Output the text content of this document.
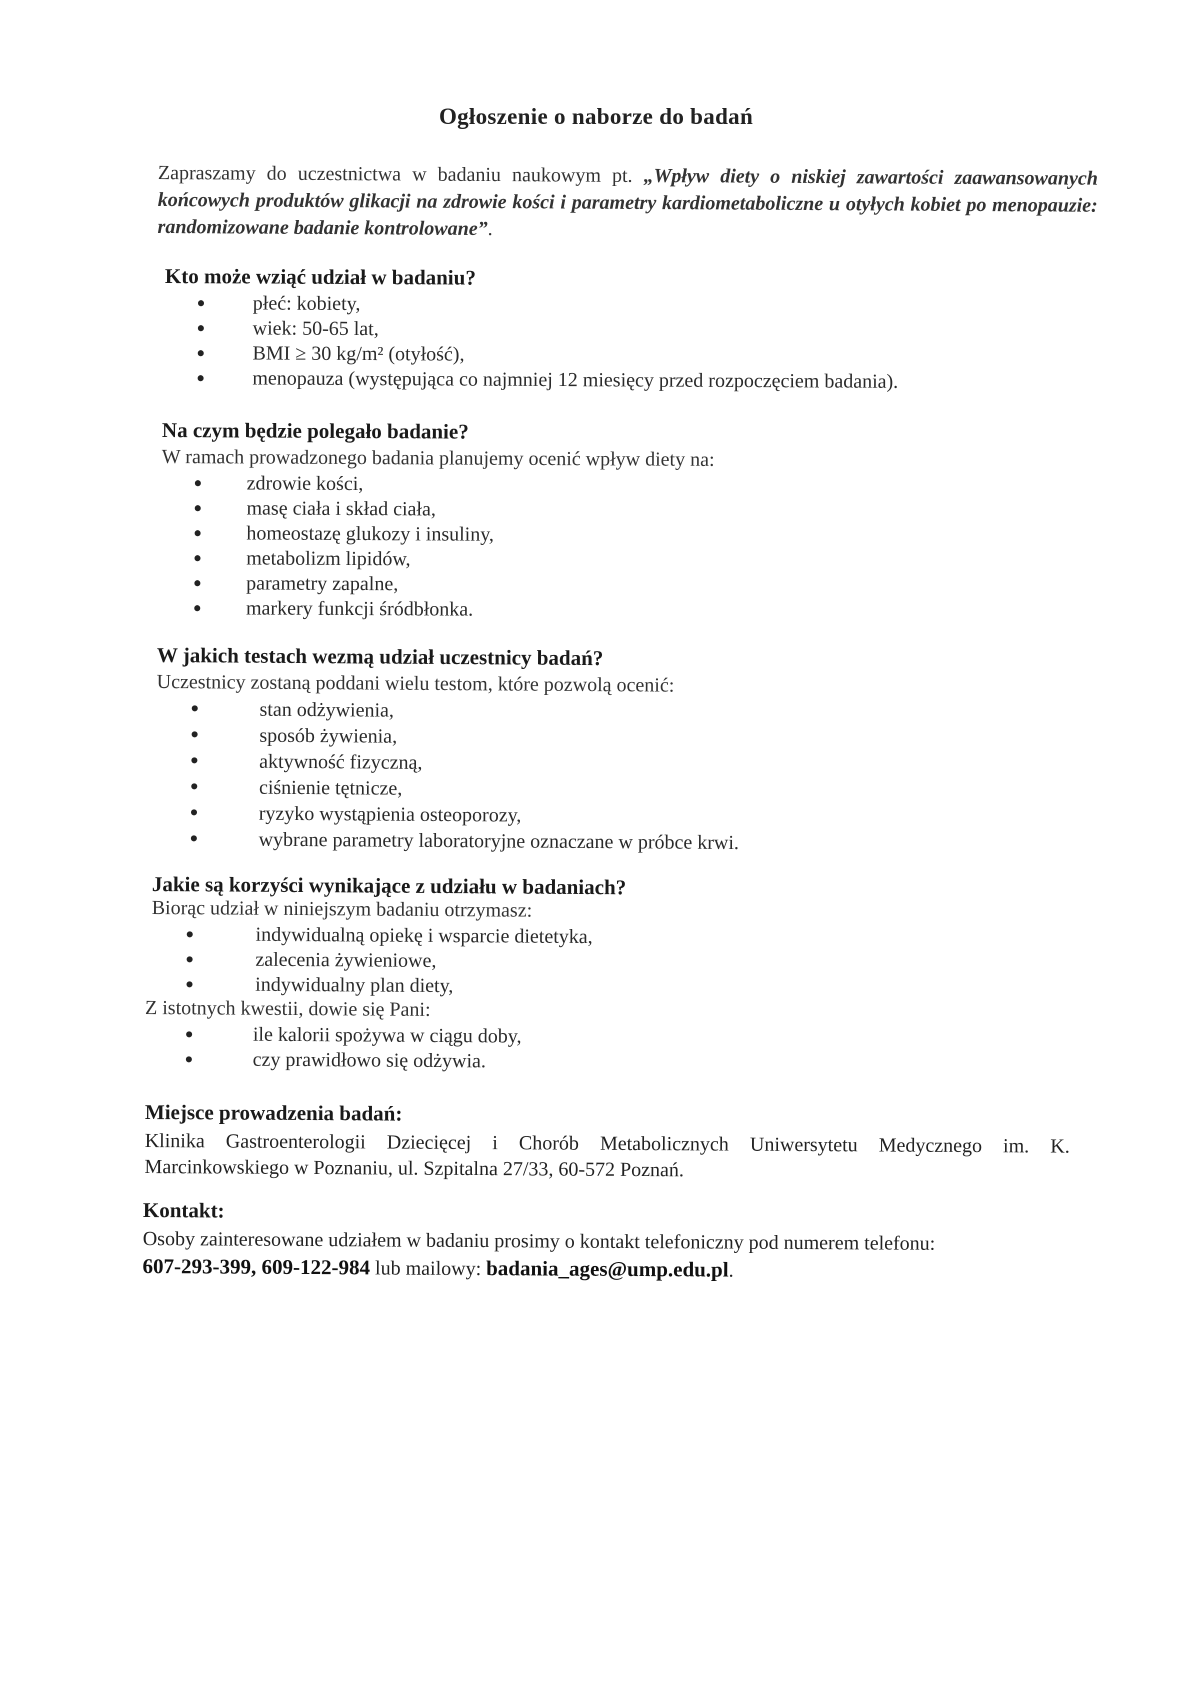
Ogłoszenie o naborze do badań
Zapraszamy do uczestnictwa w badaniu naukowym pt. „Wpływ diety o niskiej zawartości zaawansowanych końcowych produktów glikacji na zdrowie kości i parametry kardiometaboliczne u otyłych kobiet po menopauzie: randomizowane badanie kontrolowane”.

Kto może wziąć udział w badaniu?

● płeć: kobiety,
● wiek: 50-65 lat,
● BMI ≥ 30 kg/m² (otyłość),
● menopauza (występująca co najmniej 12 miesięcy przed rozpoczęciem badania).

Na czym będzie polegało badanie?

W ramach prowadzonego badania planujemy ocenić wpływ diety na:

● zdrowie kości,
● masę ciała i skład ciała,
● homeostazę glukozy i insuliny,
● metabolizm lipidów,
● parametry zapalne,
● markery funkcji śródbłonka.

W jakich testach wezmą udział uczestnicy badań?

Uczestnicy zostaną poddani wielu testom, które pozwolą ocenić:

●	stan odżywienia,
●	sposób żywienia,
●	aktywność fizyczną,
●	ciśnienie tętnicze,
●	ryzyko wystąpienia osteoporozy,
●	wybrane parametry laboratoryjne oznaczane w próbce krwi.

Jakie są korzyści wynikające z udziału w badaniach?

Biorąc udział w niniejszym badaniu otrzymasz:

●	indywidualną opiekę i wsparcie dietetyka,
●	zalecenia żywieniowe,
●	indywidualny plan diety,

Z istotnych kwestii, dowie się Pani:

●	ile kalorii spożywa w ciągu doby,
●	czy prawidłowo się odżywia.

Miejsce prowadzenia badań:

Klinika Gastroenterologii Dziecięcej i Chorób Metabolicznych Uniwersytetu Medycznego im. K. Marcinkowskiego w Poznaniu, ul. Szpitalna 27/33, 60-572 Poznań.

Kontakt:

Osoby zainteresowane udziałem w badaniu prosimy o kontakt telefoniczny pod numerem telefonu:
607-293-399, 609-122-984 lub mailowy: badania_ages@ump.edu.pl.
